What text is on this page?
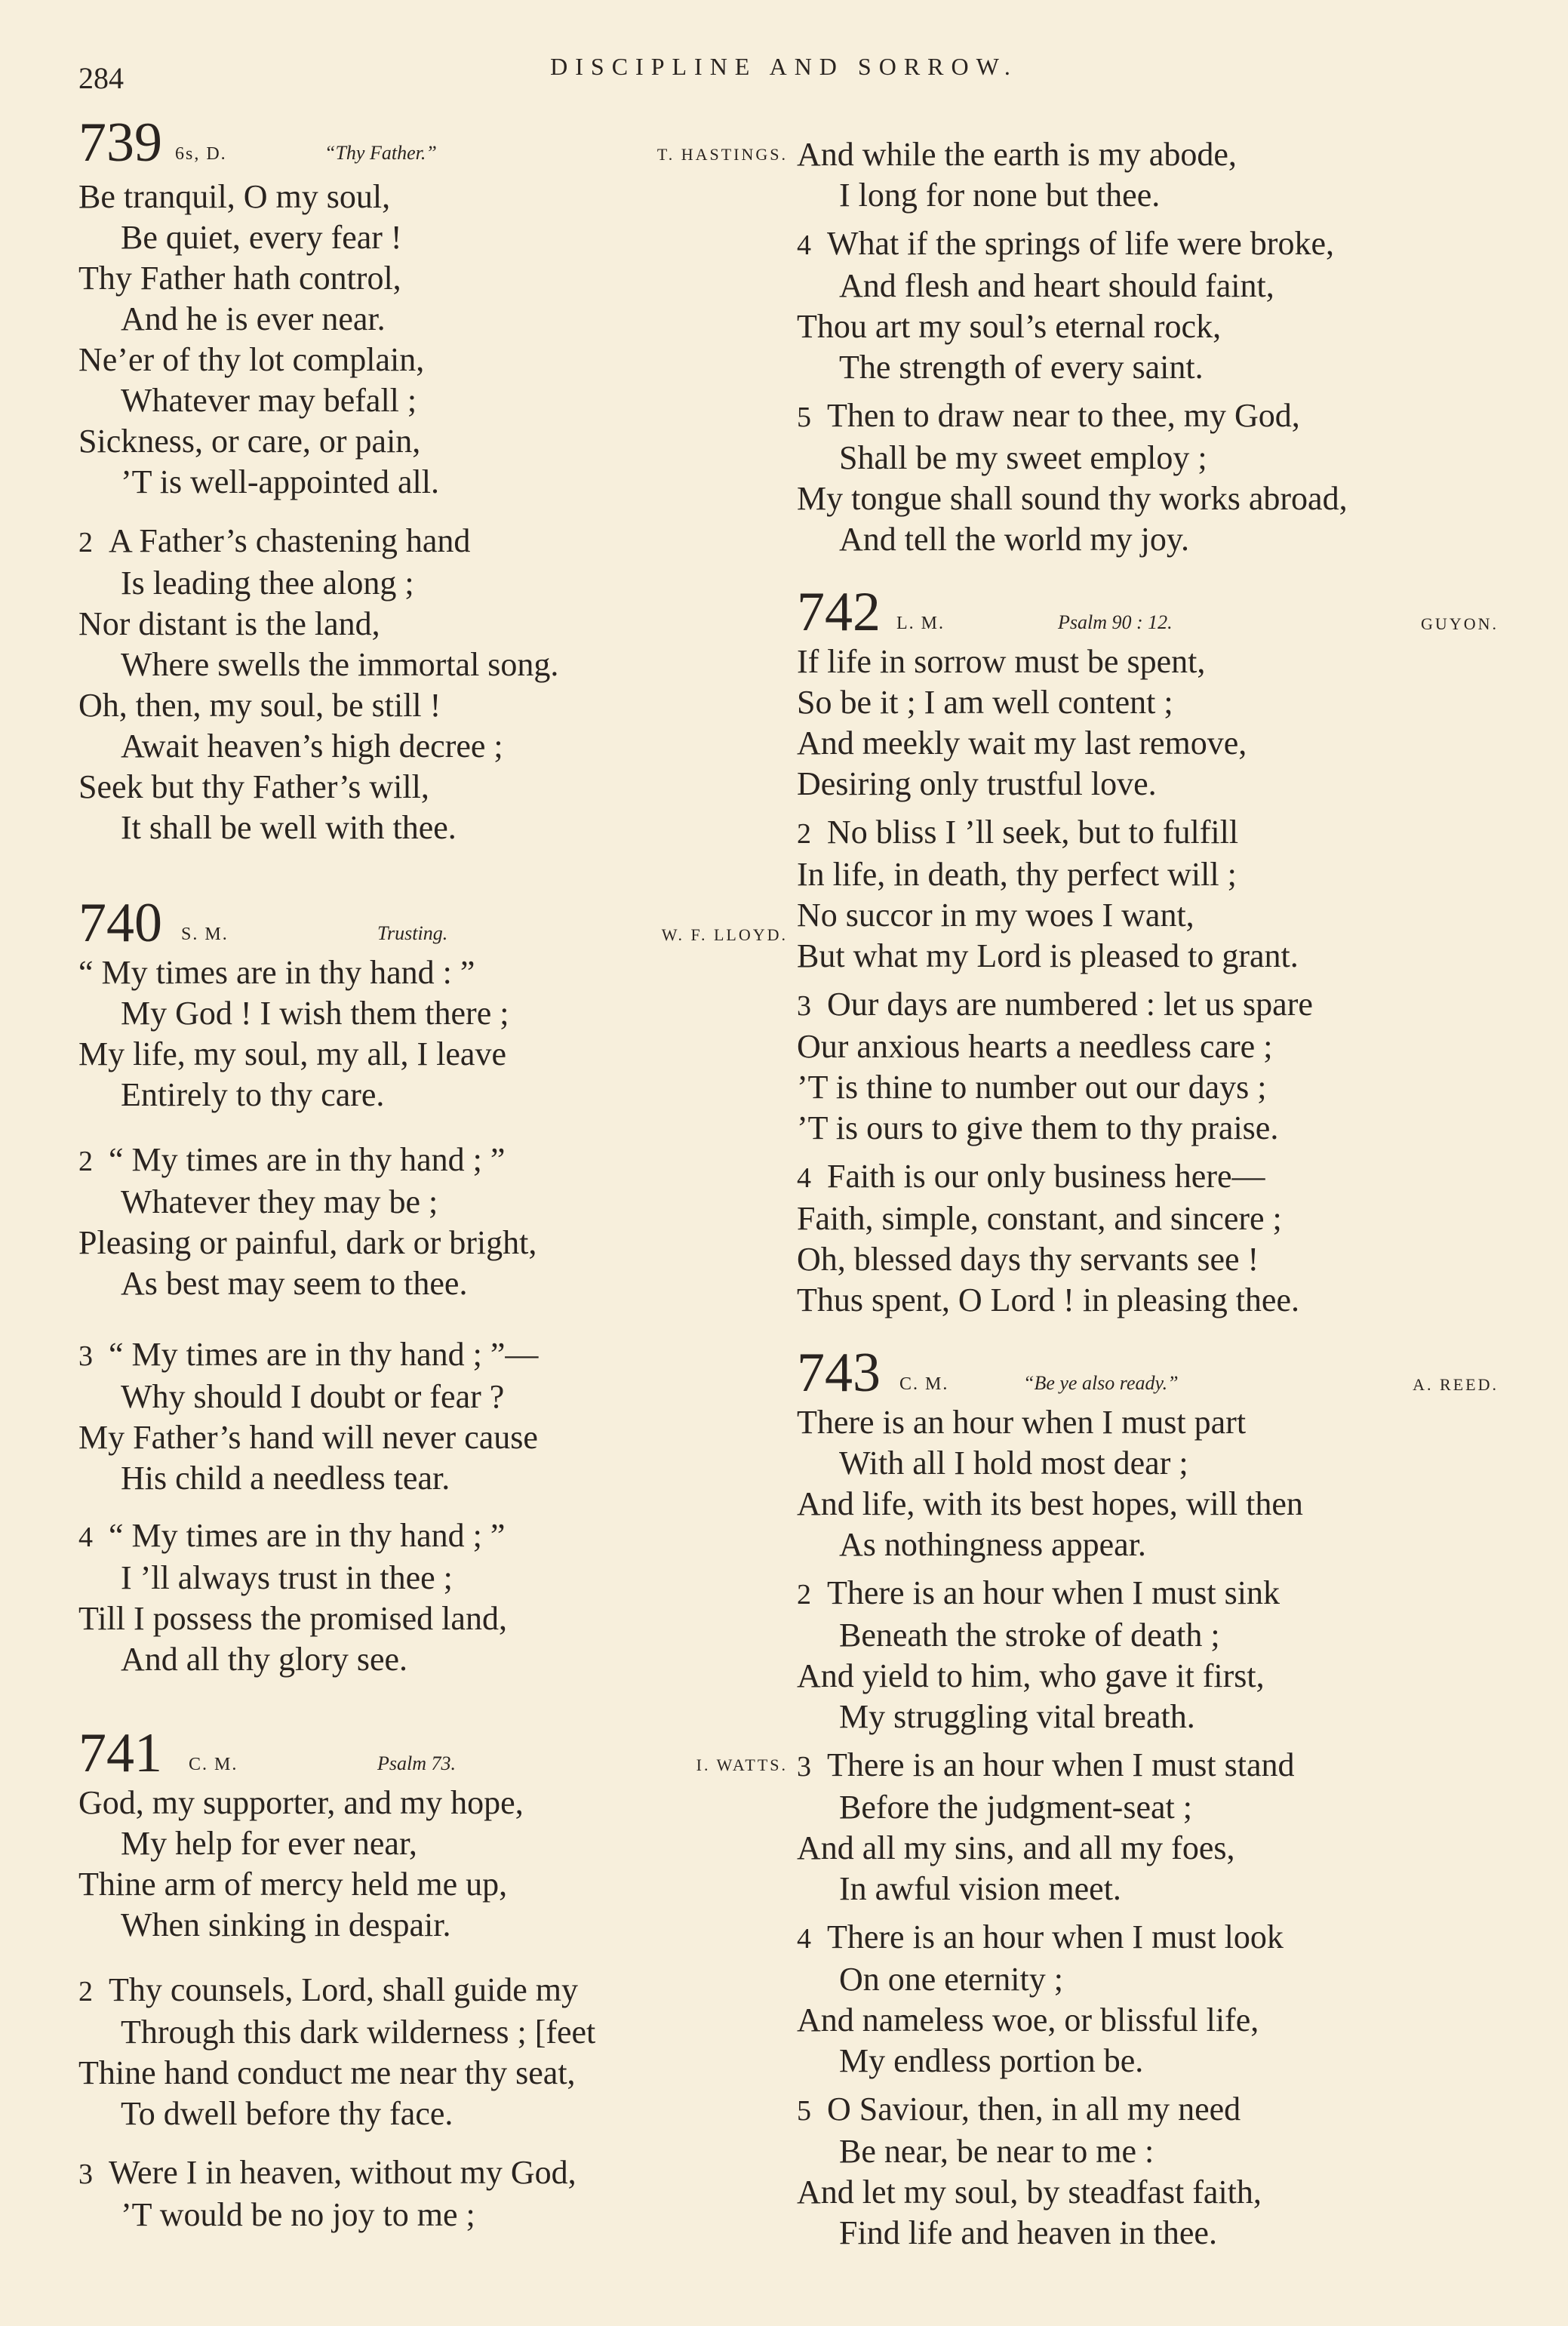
284	DISCIPLINE AND SORROW.
739 6s, D.	“Thy Father.”	T. HASTINGS.
Be tranquil, O my soul,
Be quiet, every fear !
Thy Father hath control,
And he is ever near.
Ne’er of thy lot complain,
Whatever may befall ;
Sickness, or care, or pain,
’T is well-appointed all.
2 A Father’s chastening hand
Is leading thee along ;
Nor distant is the land,
Where swells the immortal song.
Oh, then, my soul, be still !
Await heaven’s high decree ;
Seek but thy Father’s will,
It shall be well with thee.
740 S. M.	Trusting.	W. F. LLOYD.
“ My times are in thy hand : ”
My God ! I wish them there ;
My life, my soul, my all, I leave
Entirely to thy care.
2 “ My times are in thy hand ; ”
Whatever they may be ;
Pleasing or painful, dark or bright,
As best may seem to thee.
3 “ My times are in thy hand ; ”—
Why should I doubt or fear ?
My Father’s hand will never cause
His child a needless tear.
4 “ My times are in thy hand ; ”
I ’ll always trust in thee ;
Till I possess the promised land,
And all thy glory see.
741 C. M.	Psalm 73.	I. WATTS.
God, my supporter, and my hope,
My help for ever near,
Thine arm of mercy held me up,
When sinking in despair.
2 Thy counsels, Lord, shall guide my
Through this dark wilderness ; [feet
Thine hand conduct me near thy seat,
To dwell before thy face.
3 Were I in heaven, without my God,
’T would be no joy to me ;
And while the earth is my abode,
I long for none but thee.
4 What if the springs of life were broke,
And flesh and heart should faint,
Thou art my soul’s eternal rock,
The strength of every saint.
5 Then to draw near to thee, my God,
Shall be my sweet employ ;
My tongue shall sound thy works abroad,
And tell the world my joy.
742 L. M.	Psalm 90 : 12.	GUYON.
If life in sorrow must be spent,
So be it ; I am well content ;
And meekly wait my last remove,
Desiring only trustful love.
2 No bliss I ’ll seek, but to fulfill
In life, in death, thy perfect will ;
No succor in my woes I want,
But what my Lord is pleased to grant.
3 Our days are numbered : let us spare
Our anxious hearts a needless care ;
’T is thine to number out our days ;
’T is ours to give them to thy praise.
4 Faith is our only business here—
Faith, simple, constant, and sincere ;
Oh, blessed days thy servants see !
Thus spent, O Lord ! in pleasing thee.
743 C. M.	“Be ye also ready.”	A. REED.
There is an hour when I must part
With all I hold most dear ;
And life, with its best hopes, will then
As nothingness appear.
2 There is an hour when I must sink
Beneath the stroke of death ;
And yield to him, who gave it first,
My struggling vital breath.
3 There is an hour when I must stand
Before the judgment-seat ;
And all my sins, and all my foes,
In awful vision meet.
4 There is an hour when I must look
On one eternity ;
And nameless woe, or blissful life,
My endless portion be.
5 O Saviour, then, in all my need
Be near, be near to me :
And let my soul, by steadfast faith,
Find life and heaven in thee.
